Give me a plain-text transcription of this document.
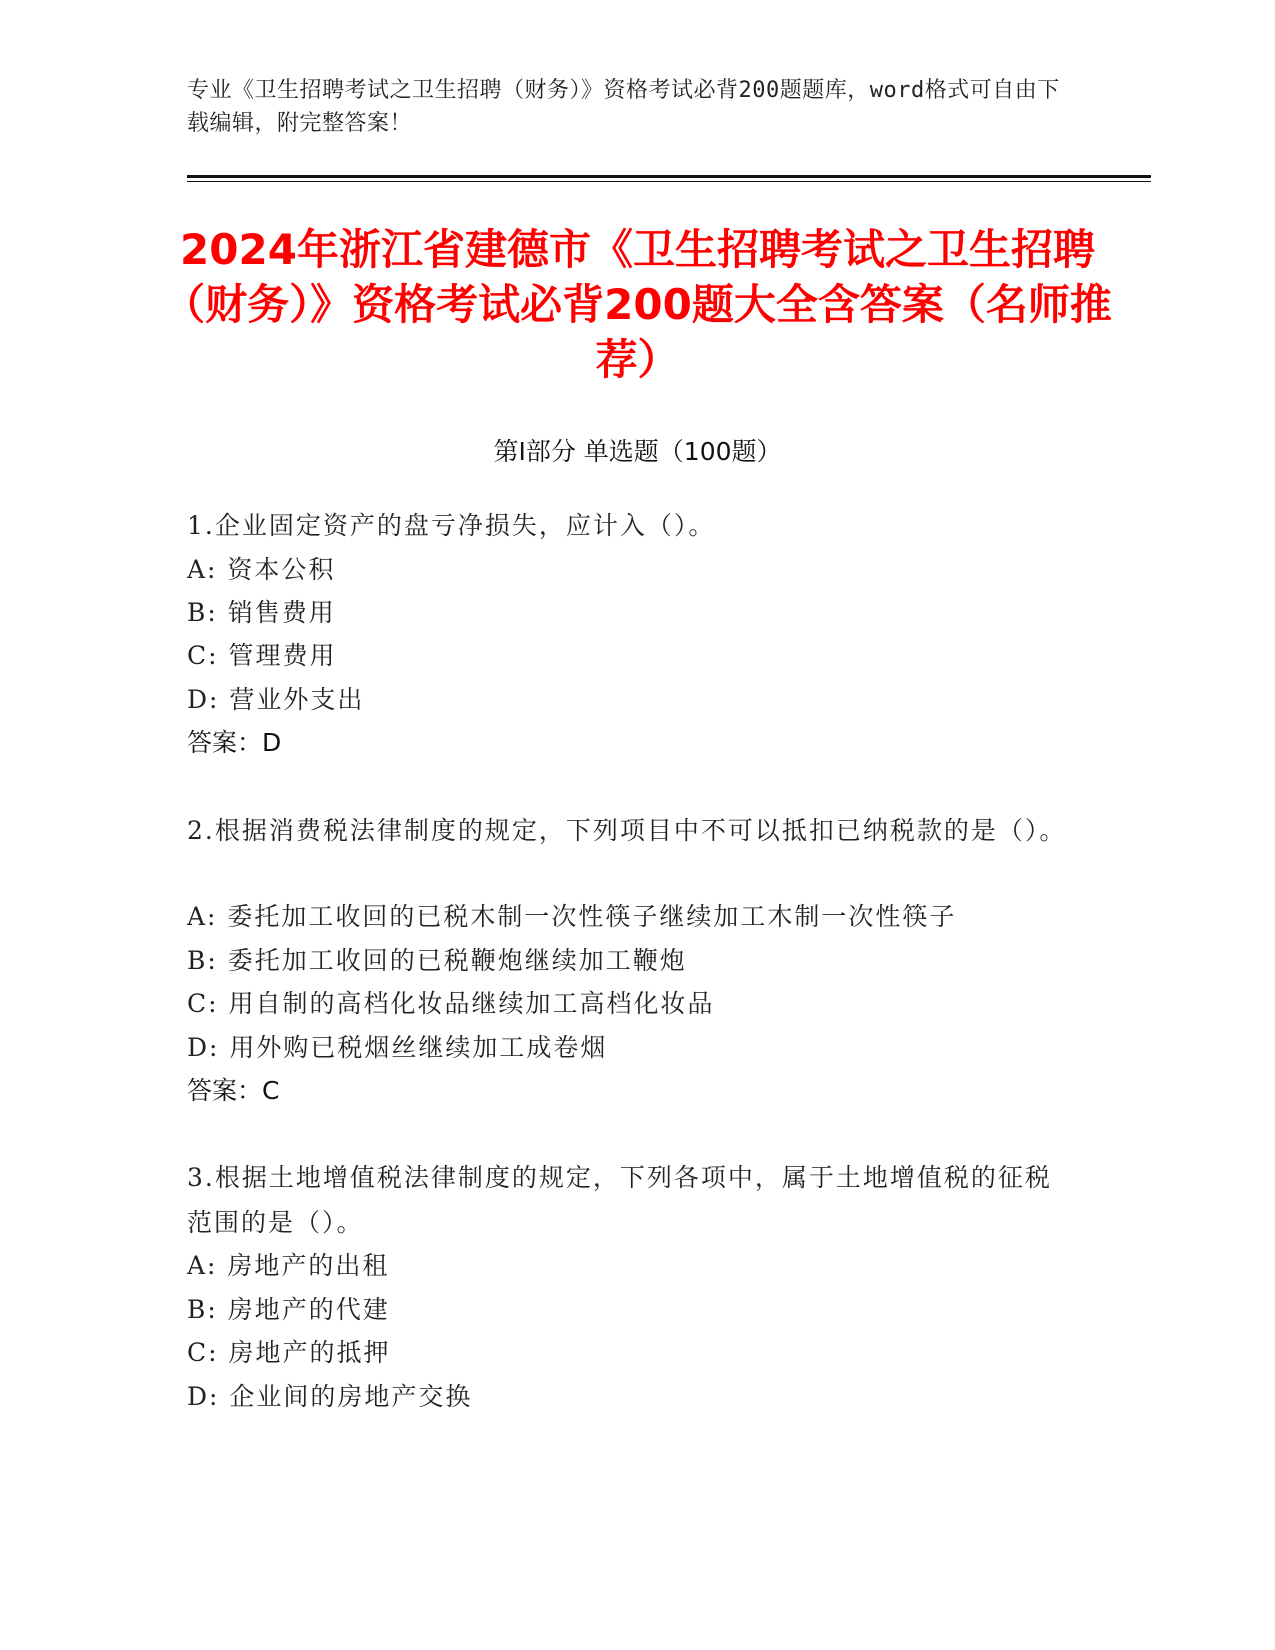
专业《卫生招聘考试之卫生招聘（财务）》资格考试必背200题题库，word格式可自由下载编辑，附完整答案！
2024年浙江省建德市《卫生招聘考试之卫生招聘（财务）》资格考试必背200题大全含答案（名师推荐）
第I部分 单选题（100题）
1.企业固定资产的盘亏净损失，应计入（）。
A: 资本公积
B: 销售费用
C: 管理费用
D: 营业外支出
答案：D
2.根据消费税法律制度的规定，下列项目中不可以抵扣已纳税款的是（）。
A: 委托加工收回的已税木制一次性筷子继续加工木制一次性筷子
B: 委托加工收回的已税鞭炮继续加工鞭炮
C: 用自制的高档化妆品继续加工高档化妆品
D: 用外购已税烟丝继续加工成卷烟
答案：C
3.根据土地增值税法律制度的规定，下列各项中，属于土地增值税的征税范围的是（）。
A: 房地产的出租
B: 房地产的代建
C: 房地产的抵押
D: 企业间的房地产交换
